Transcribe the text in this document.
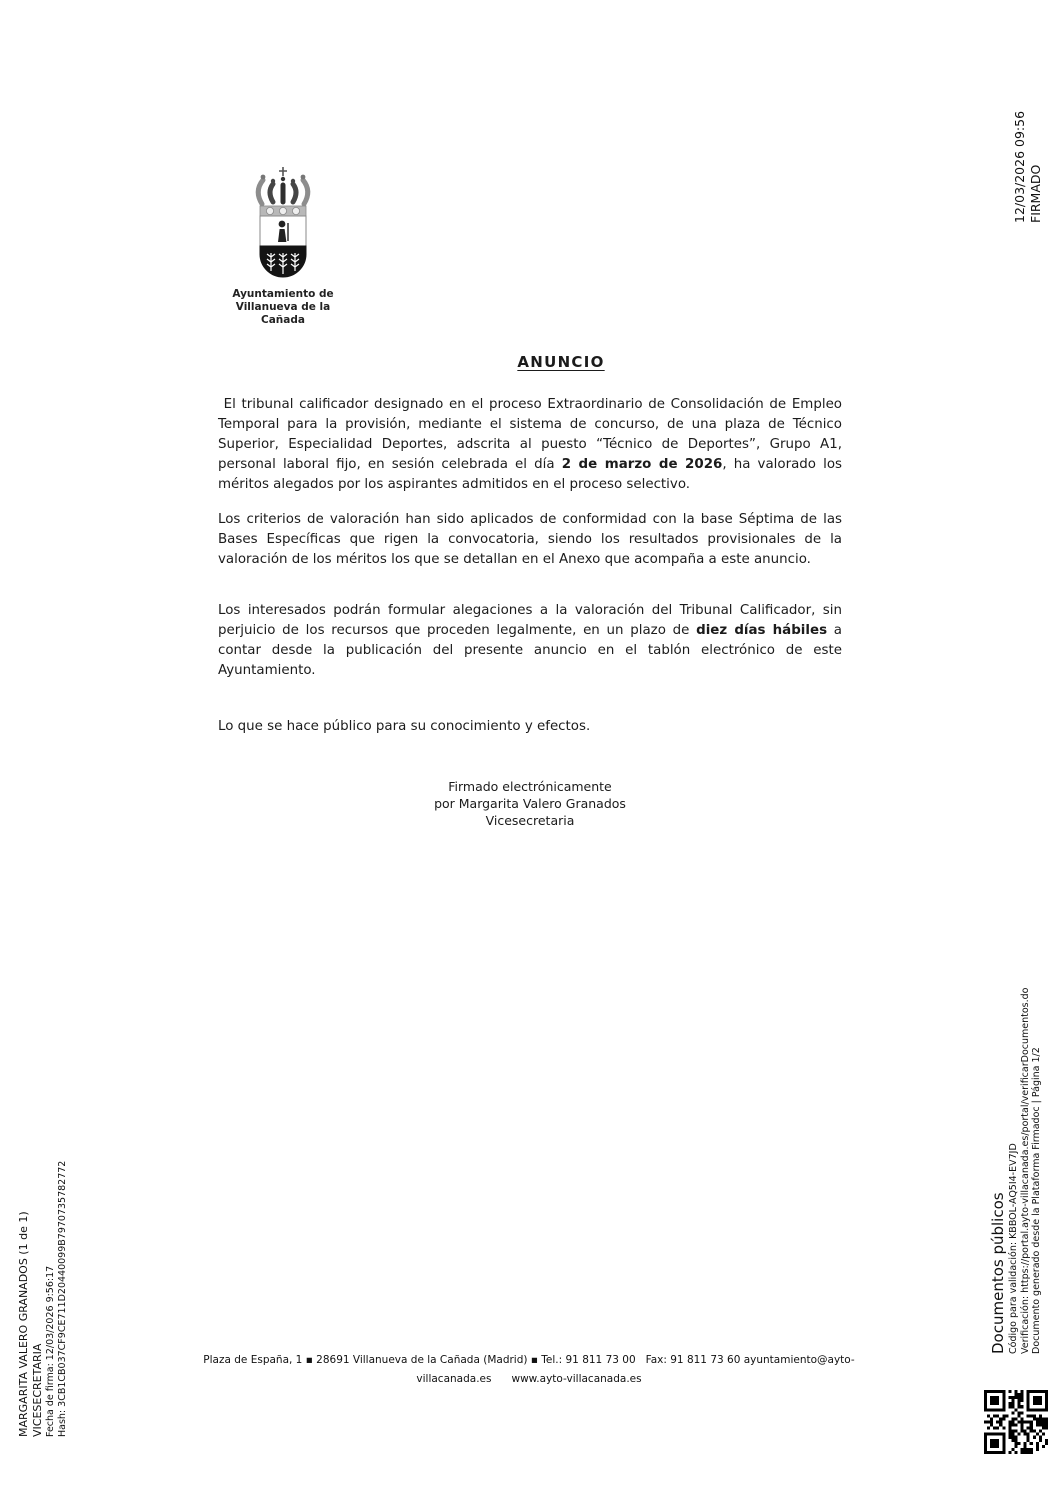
Ayuntamiento de
Villanueva de la Cañada

ANUNCIO

El tribunal calificador designado en el proceso Extraordinario de Consolidación de Empleo Temporal para la provisión, mediante el sistema de concurso, de una plaza de Técnico Superior, Especialidad Deportes, adscrita al puesto “Técnico de Deportes”, Grupo A1, personal laboral fijo, en sesión celebrada el día 2 de marzo de 2026, ha valorado los méritos alegados por los aspirantes admitidos en el proceso selectivo.

Los criterios de valoración han sido aplicados de conformidad con la base Séptima de las Bases Específicas que rigen la convocatoria, siendo los resultados provisionales de la valoración de los méritos los que se detallan en el Anexo que acompaña a este anuncio.

Los interesados podrán formular alegaciones a la valoración del Tribunal Calificador, sin perjuicio de los recursos que proceden legalmente, en un plazo de diez días hábiles a contar desde la publicación del presente anuncio en el tablón electrónico de este Ayuntamiento.

Lo que se hace público para su conocimiento y efectos.

Firmado electrónicamente
por Margarita Valero Granados
Vicesecretaria
Plaza de España, 1 ▪ 28691 Villanueva de la Cañada (Madrid) ▪ Tel.: 91 811 73 00   Fax: 91 811 73 60 ayuntamiento@ayto-
villacanada.es      www.ayto-villacanada.es
12/03/2026 09:56 FIRMADO
MARGARITA VALERO GRANADOS (1 de 1) VICESECRETARIA Fecha de firma: 12/03/2026 9:56:17 Hash: 3CB1CB037CF9CE711D20440099B7970735782772	Documentos públicos Código para validación: KBBOL-AQ5I4-EV7JD Verificación: https://portal.ayto-villacanada.es/portal/verificarDocumentos.do Documento generado desde la Plataforma Firmadoc | Página 1/2
